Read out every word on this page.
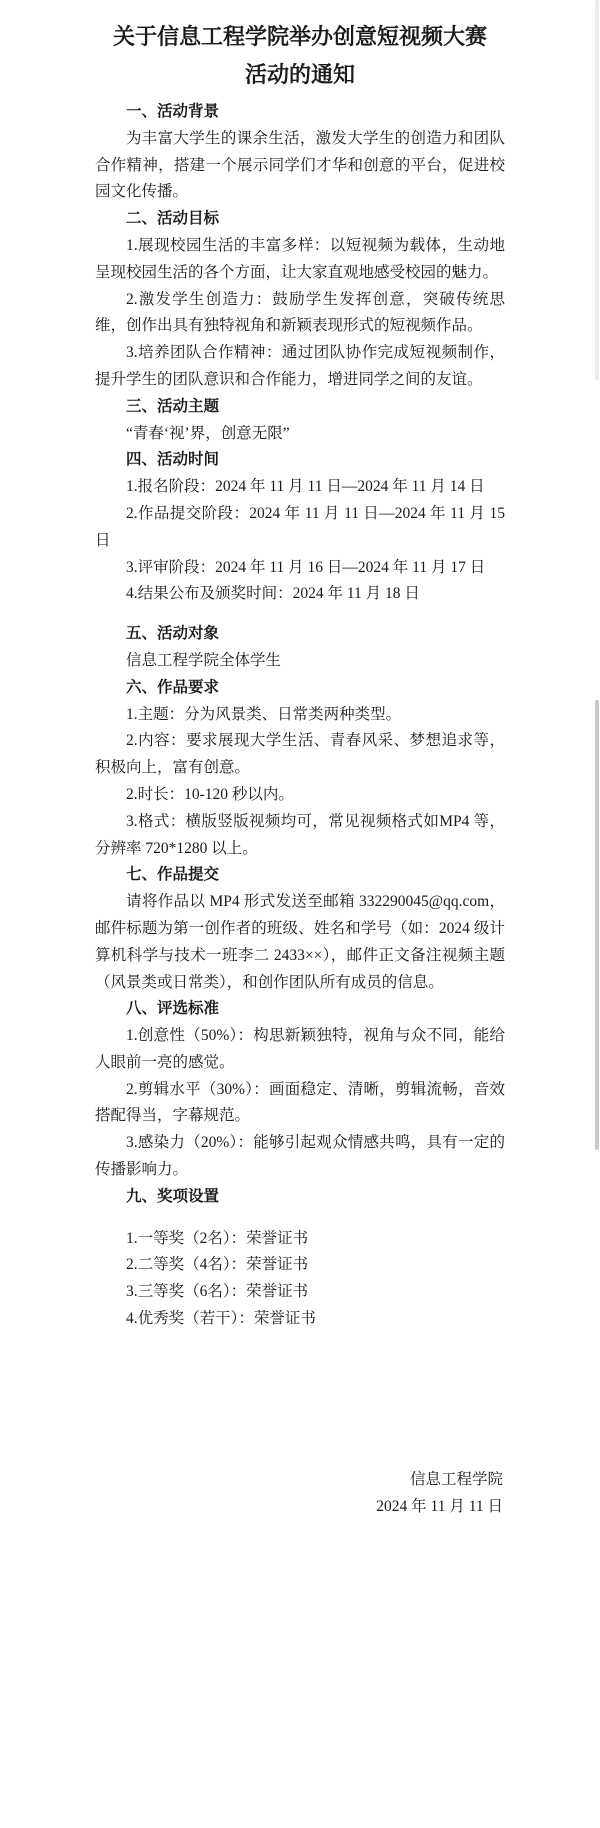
关于信息工程学院举办创意短视频大赛
活动的通知

一、活动背景

为丰富大学生的课余生活，激发大学生的创造力和团队合作精神，搭建一个展示同学们才华和创意的平台，促进校园文化传播。

二、活动目标

1.展现校园生活的丰富多样：以短视频为载体，生动地呈现校园生活的各个方面，让大家直观地感受校园的魅力。

2.激发学生创造力：鼓励学生发挥创意，突破传统思维，创作出具有独特视角和新颖表现形式的短视频作品。

3.培养团队合作精神：通过团队协作完成短视频制作，提升学生的团队意识和合作能力，增进同学之间的友谊。

三、活动主题

“青春‘视’界，创意无限”

四、活动时间

1.报名阶段：2024 年 11 月 11 日—2024 年 11 月 14 日

2.作品提交阶段：2024 年 11 月 11 日—2024 年 11 月 15 日

3.评审阶段：2024 年 11 月 16 日—2024 年 11 月 17 日

4.结果公布及颁奖时间：2024 年 11 月 18 日

五、活动对象

信息工程学院全体学生

六、作品要求

1.主题：分为风景类、日常类两种类型。

2.内容：要求展现大学生活、青春风采、梦想追求等，积极向上，富有创意。

2.时长：10-120 秒以内。

3.格式：横版竖版视频均可，常见视频格式如MP4 等，分辨率 720*1280 以上。

七、作品提交

请将作品以 MP4 形式发送至邮箱 332290045@qq.com，邮件标题为第一创作者的班级、姓名和学号（如：2024 级计算机科学与技术一班李二 2433××），邮件正文备注视频主题（风景类或日常类），和创作团队所有成员的信息。

八、评选标准

1.创意性（50%）：构思新颖独特，视角与众不同，能给人眼前一亮的感觉。

2.剪辑水平（30%）：画面稳定、清晰，剪辑流畅，音效搭配得当，字幕规范。

3.感染力（20%）：能够引起观众情感共鸣，具有一定的传播影响力。

九、奖项设置

1.一等奖（2名）：荣誉证书

2.二等奖（4名）：荣誉证书

3.三等奖（6名）：荣誉证书

4.优秀奖（若干）：荣誉证书

信息工程学院
2024 年 11 月 11 日
